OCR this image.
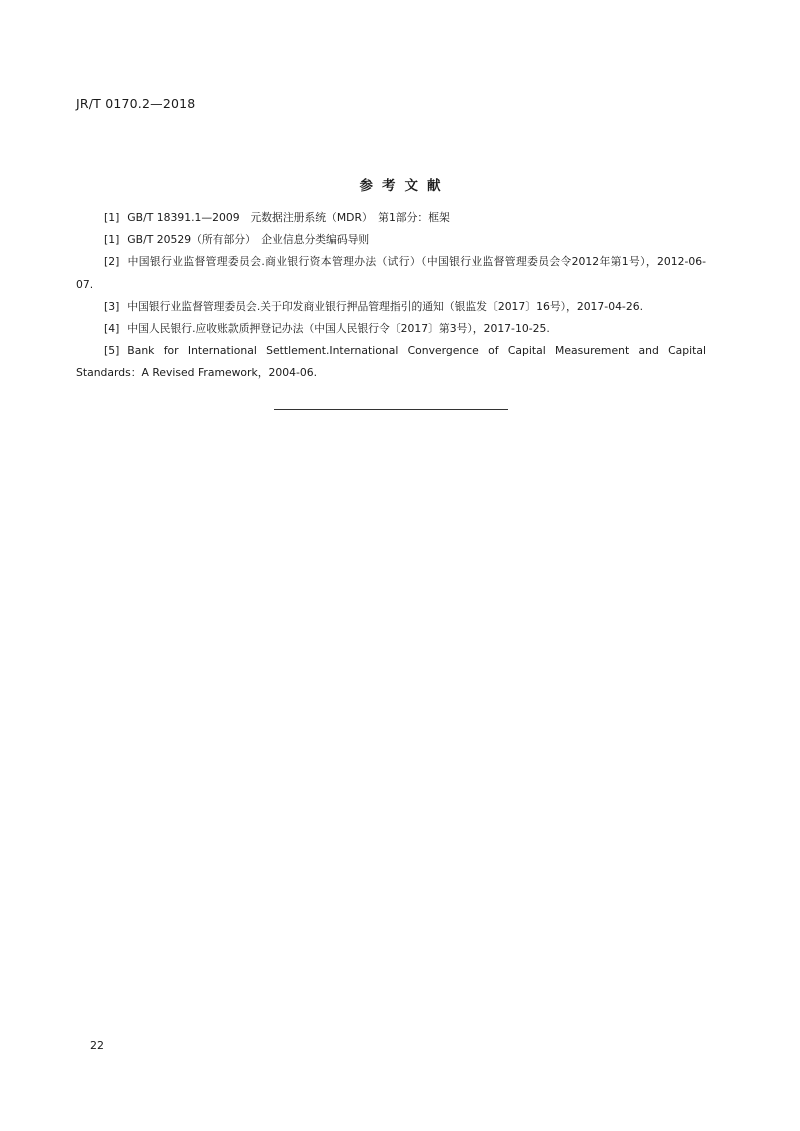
JR/T 0170.2—2018
参考文献
[1] GB/T 18391.1—2009　元数据注册系统（MDR）　第1部分：框架
[1] GB/T 20529（所有部分）　企业信息分类编码导则
[2] 中国银行业监督管理委员会.商业银行资本管理办法（试行）（中国银行业监督管理委员会令2012年第1号），2012-06-07.
[3] 中国银行业监督管理委员会.关于印发商业银行押品管理指引的通知（银监发〔2017〕16号），2017-04-26.
[4] 中国人民银行.应收账款质押登记办法（中国人民银行令〔2017〕第3号），2017-10-25.
[5] Bank for International Settlement.International Convergence of Capital Measurement and Capital Standards：A Revised Framework，2004-06.
22
